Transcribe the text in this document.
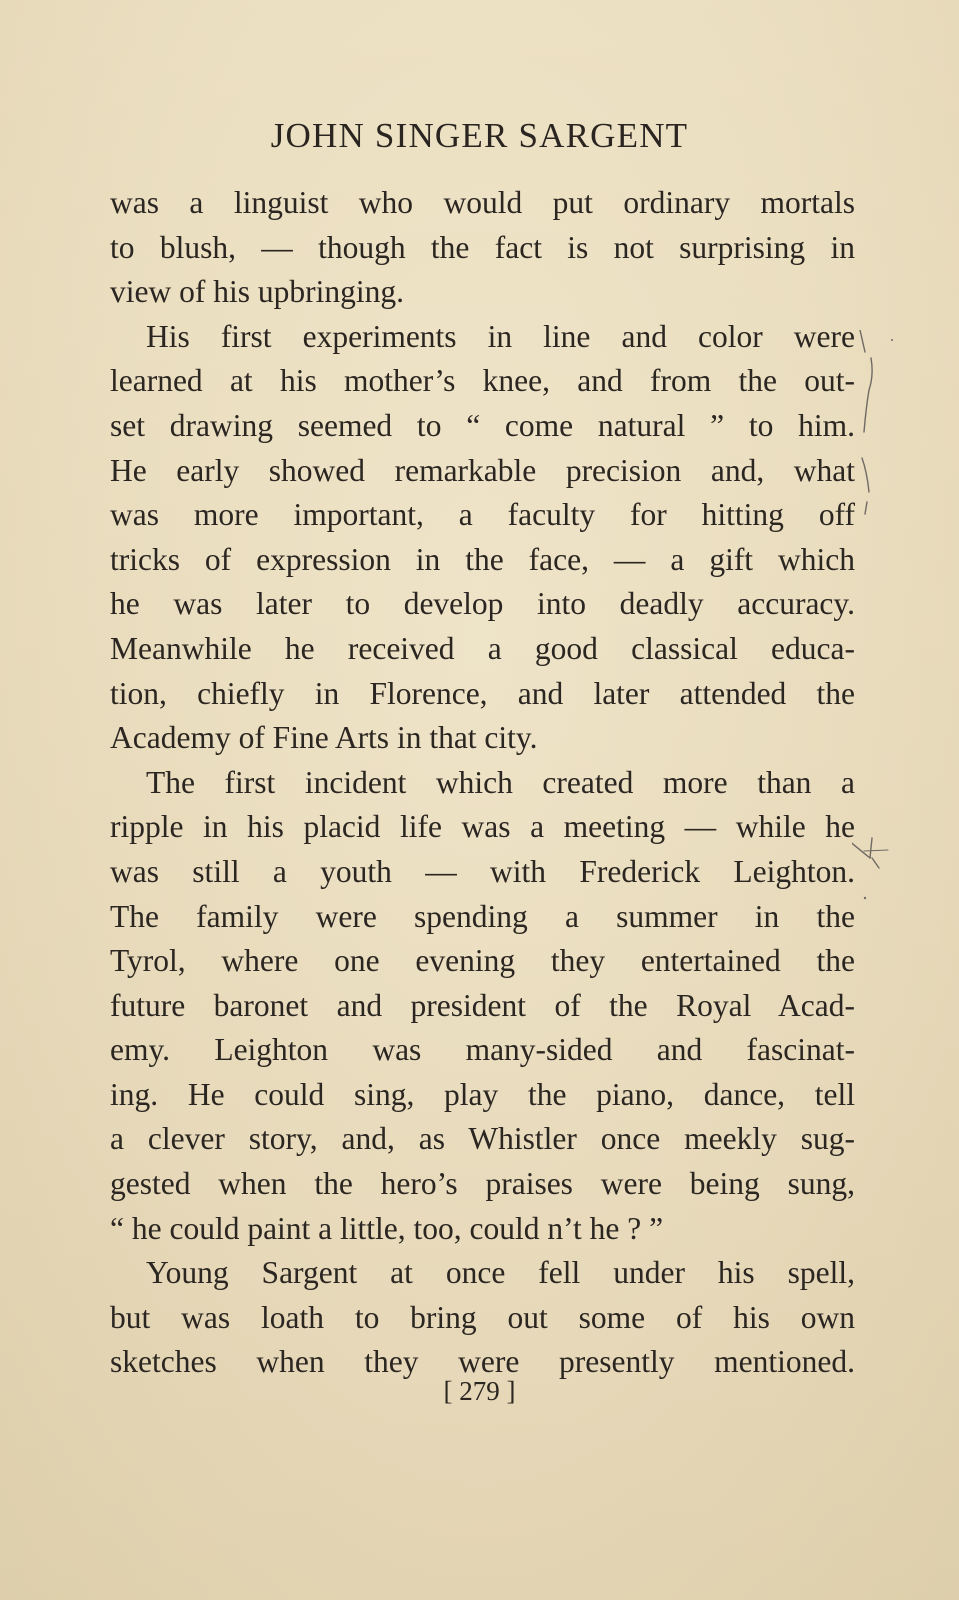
JOHN SINGER SARGENT
was a linguist who would put ordinary mortals
to blush, — though the fact is not surprising in
view of his upbringing.
His first experiments in line and color were
learned at his mother’s knee, and from the out-
set drawing seemed to “ come natural ” to him.
He early showed remarkable precision and, what
was more important, a faculty for hitting off
tricks of expression in the face, — a gift which
he was later to develop into deadly accuracy.
Meanwhile he received a good classical educa-
tion, chiefly in Florence, and later attended the
Academy of Fine Arts in that city.
The first incident which created more than a
ripple in his placid life was a meeting — while he
was still a youth — with Frederick Leighton.
The family were spending a summer in the
Tyrol, where one evening they entertained the
future baronet and president of the Royal Acad-
emy. Leighton was many-sided and fascinat-
ing. He could sing, play the piano, dance, tell
a clever story, and, as Whistler once meekly sug-
gested when the hero’s praises were being sung,
“ he could paint a little, too, could n’t he ? ”
Young Sargent at once fell under his spell,
but was loath to bring out some of his own
sketches when they were presently mentioned.
[ 279 ]
